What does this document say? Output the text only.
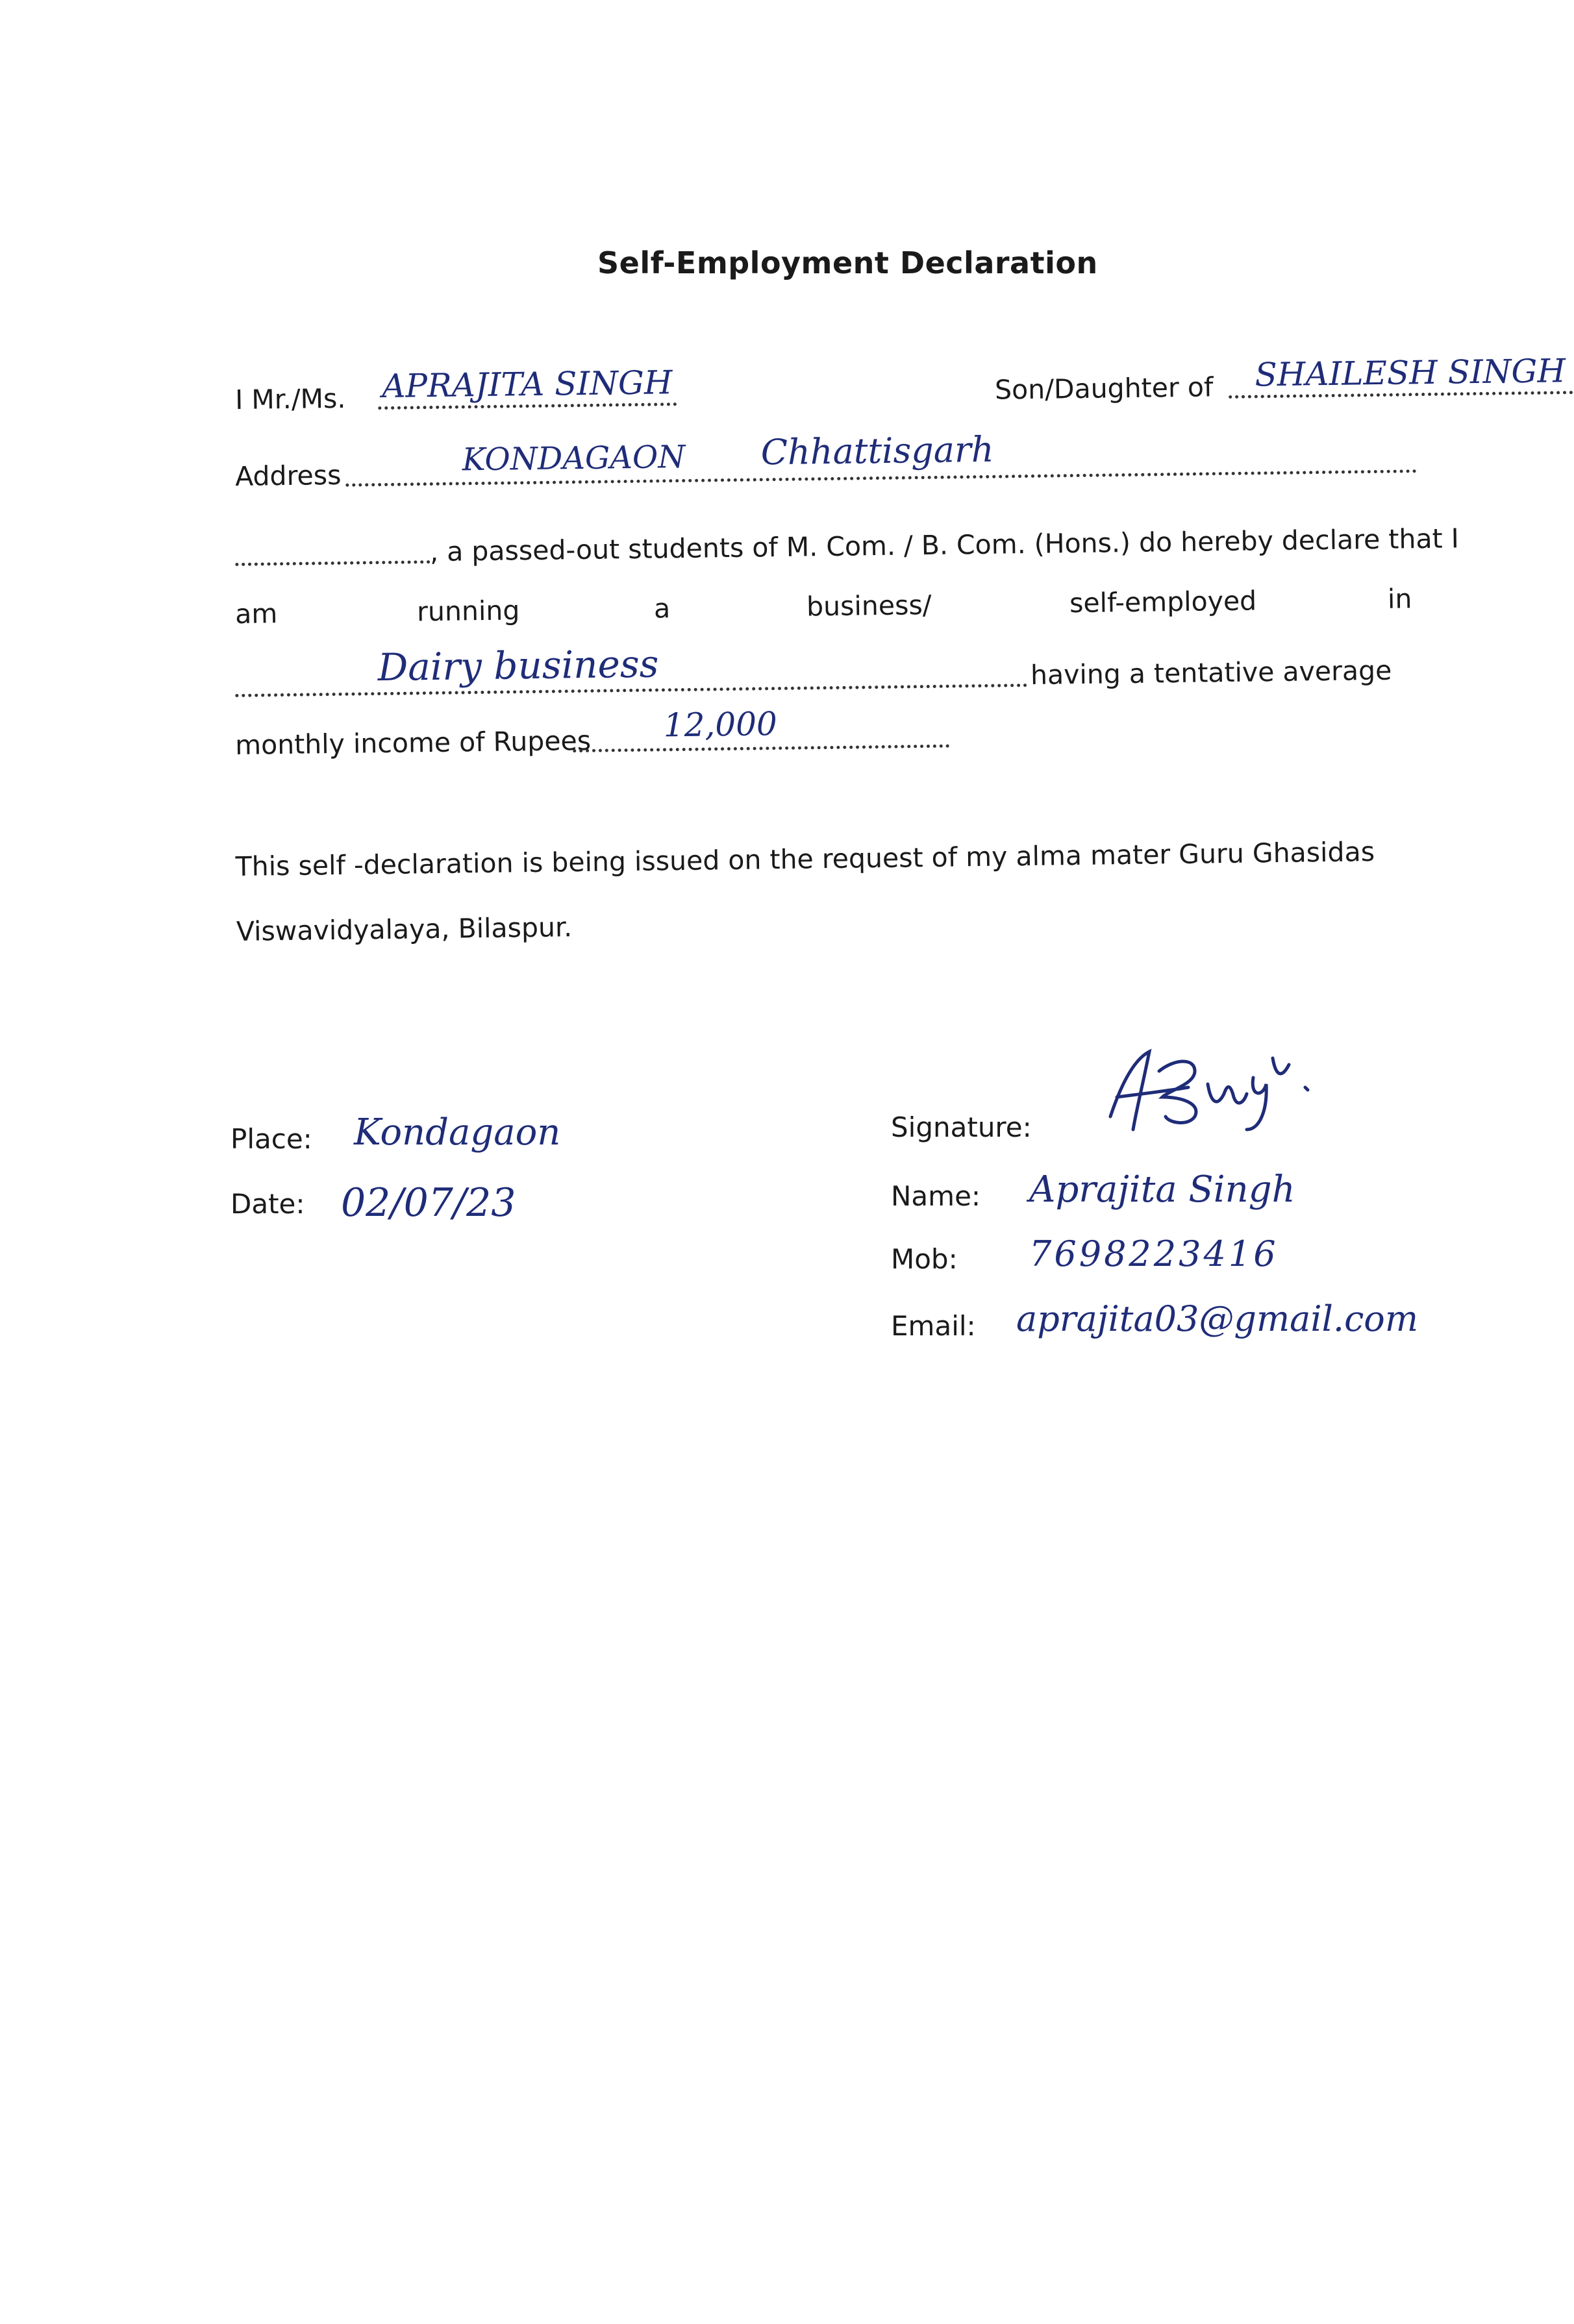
Self-Employment Declaration
I Mr./Ms. APRAJITA SINGH	Son/Daughter of	SHAILESH SINGH
Address	KONDAGAON Chhattisgarh
, a passed-out students of M. Com. / B. Com. (Hons.) do hereby declare that I
am	running	a	business/	self-employed	in
Dairy business	having a tentative average
monthly income of Rupees 12,000
This self -declaration is being issued on the request of my alma mater Guru Ghasidas Viswavidyalaya, Bilaspur.
Place: Kondagaon
Date: 02/07/23
Signature:
Name: Aprajita Singh
Mob: 7698223416
Email: aprajita03@gmail.com
